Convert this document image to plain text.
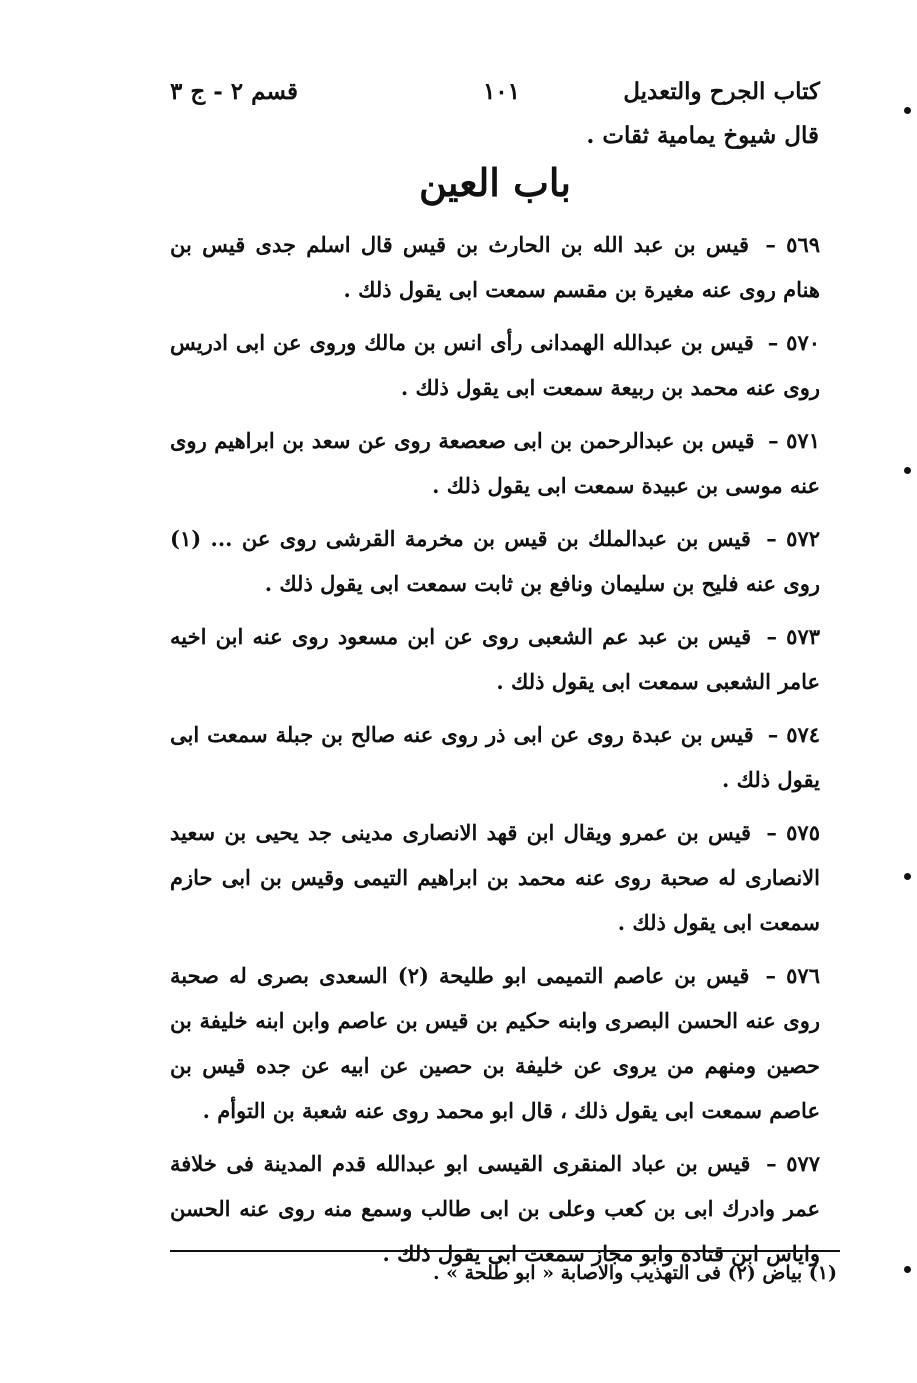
كتاب الجرح والتعديل
١٠١
قسم ٢ - ج ٣
قال شيوخ يمامية ثقات .
باب العين

٥٦٩ – قيس بن عبد الله بن الحارث بن قيس قال اسلم جدى قيس بن هنام روى عنه مغيرة بن مقسم سمعت ابى يقول ذلك .

٥٧٠ – قيس بن عبدالله الهمدانى رأى انس بن مالك وروى عن ابى ادريس روى عنه محمد بن ربيعة سمعت ابى يقول ذلك .

٥٧١ – قيس بن عبدالرحمن بن ابى صعصعة روى عن سعد بن ابراهيم روى عنه موسى بن عبيدة سمعت ابى يقول ذلك .

٥٧٢ – قيس بن عبدالملك بن قيس بن مخرمة القرشى روى عن ... (١) روى عنه فليح بن سليمان ونافع بن ثابت سمعت ابى يقول ذلك .

٥٧٣ – قيس بن عبد عم الشعبى روى عن ابن مسعود روى عنه ابن اخيه عامر الشعبى سمعت ابى يقول ذلك .

٥٧٤ – قيس بن عبدة روى عن ابى ذر روى عنه صالح بن جبلة سمعت ابى يقول ذلك .

٥٧٥ – قيس بن عمرو ويقال ابن قهد الانصارى مدينى جد يحيى بن سعيد الانصارى له صحبة روى عنه محمد بن ابراهيم التيمى وقيس بن ابى حازم سمعت ابى يقول ذلك .

٥٧٦ – قيس بن عاصم التميمى ابو طليحة (٢) السعدى بصرى له صحبة روى عنه الحسن البصرى وابنه حكيم بن قيس بن عاصم وابن ابنه خليفة بن حصين ومنهم من يروى عن خليفة بن حصين عن ابيه عن جده قيس بن عاصم سمعت ابى يقول ذلك ، قال ابو محمد روى عنه شعبة بن التوأم .

٥٧٧ – قيس بن عباد المنقرى القيسى ابو عبدالله قدم المدينة فى خلافة عمر وادرك ابى بن كعب وعلى بن ابى طالب وسمع منه روى عنه الحسن واياس ابن قتادة وابو مجاز سمعت ابى يقول ذلك .

(١) بياض (٢) فى التهذيب والاصابة « ابو طلحة » .
